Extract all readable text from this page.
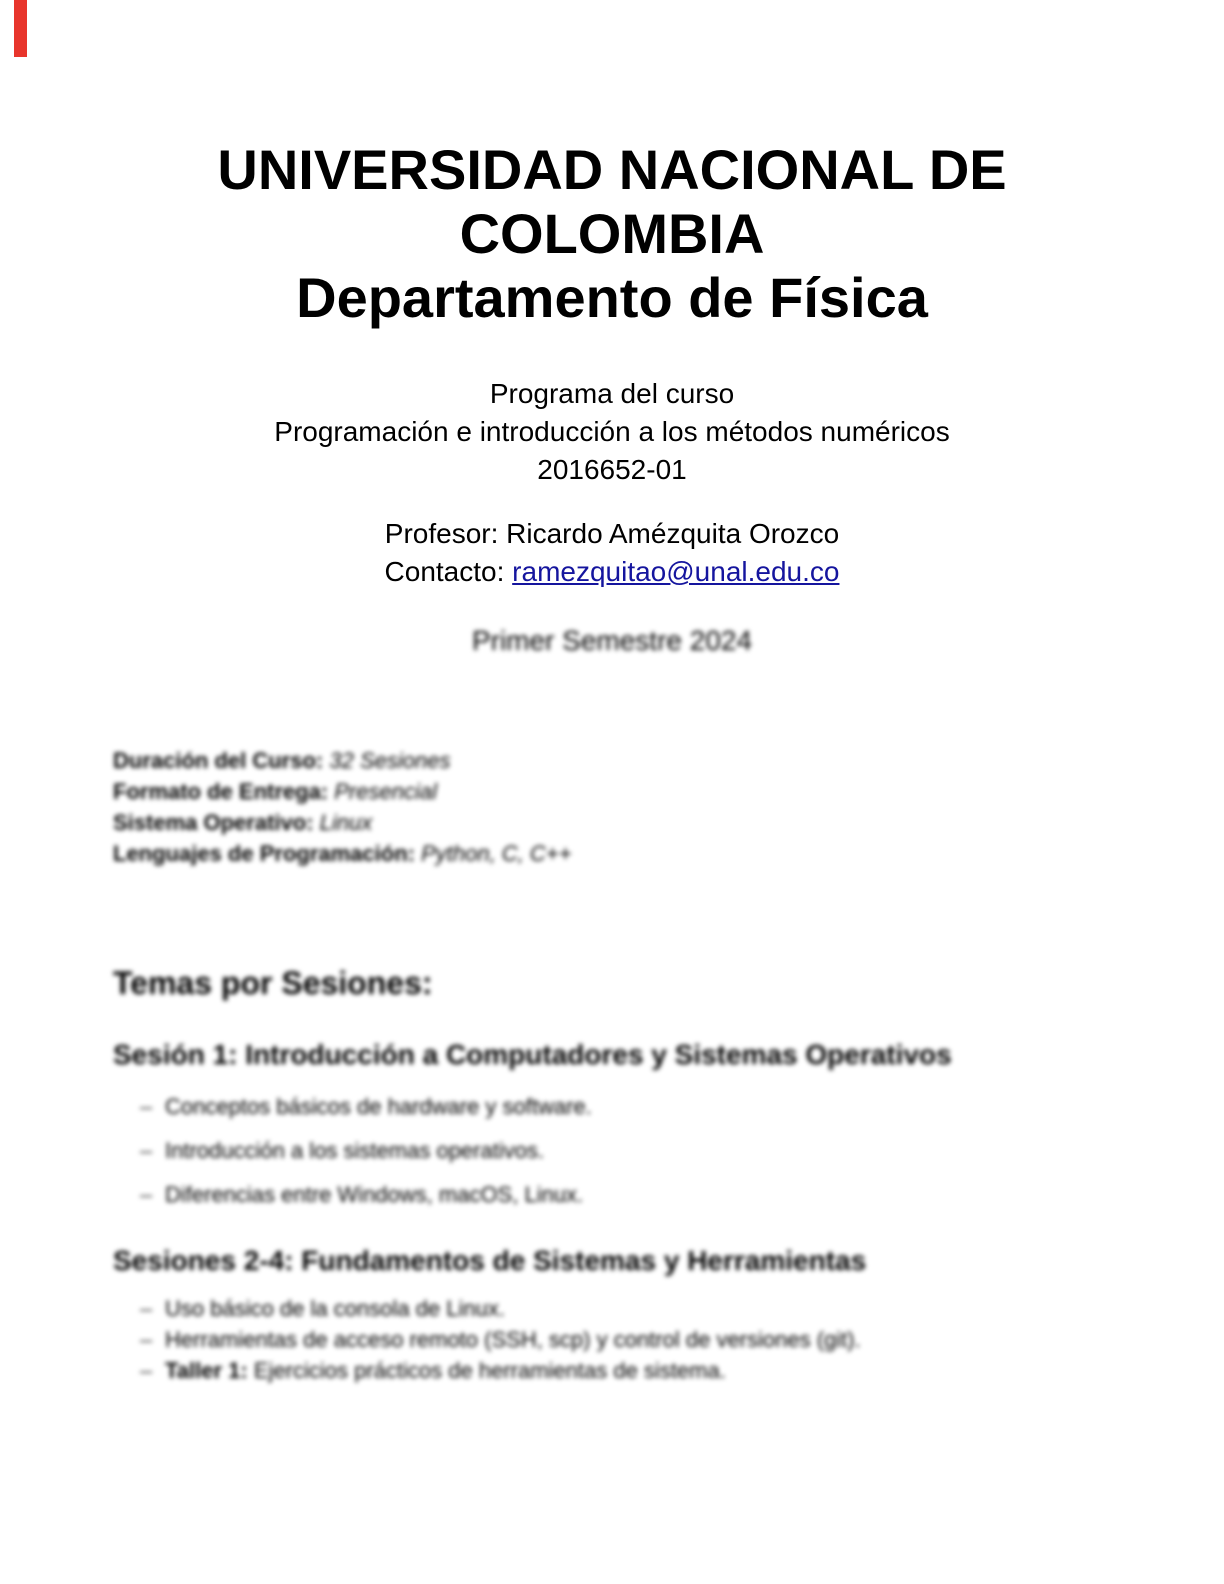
UNIVERSIDAD NACIONAL DE
COLOMBIA
Departamento de Física
Programa del curso
Programación e introducción a los métodos numéricos
2016652-01
Profesor: Ricardo Amézquita Orozco
Contacto: ramezquitao@unal.edu.co
Primer Semestre 2024
Duración del Curso: 32 Sesiones
Formato de Entrega: Presencial
Sistema Operativo: Linux
Lenguajes de Programación: Python, C, C++
Temas por Sesiones:
Sesión 1: Introducción a Computadores y Sistemas Operativos
– Conceptos básicos de hardware y software.
– Introducción a los sistemas operativos.
– Diferencias entre Windows, macOS, Linux.
Sesiones 2-4: Fundamentos de Sistemas y Herramientas
– Uso básico de la consola de Linux.
– Herramientas de acceso remoto (SSH, scp) y control de versiones (git).
– Taller 1: Ejercicios prácticos de herramientas de sistema.
